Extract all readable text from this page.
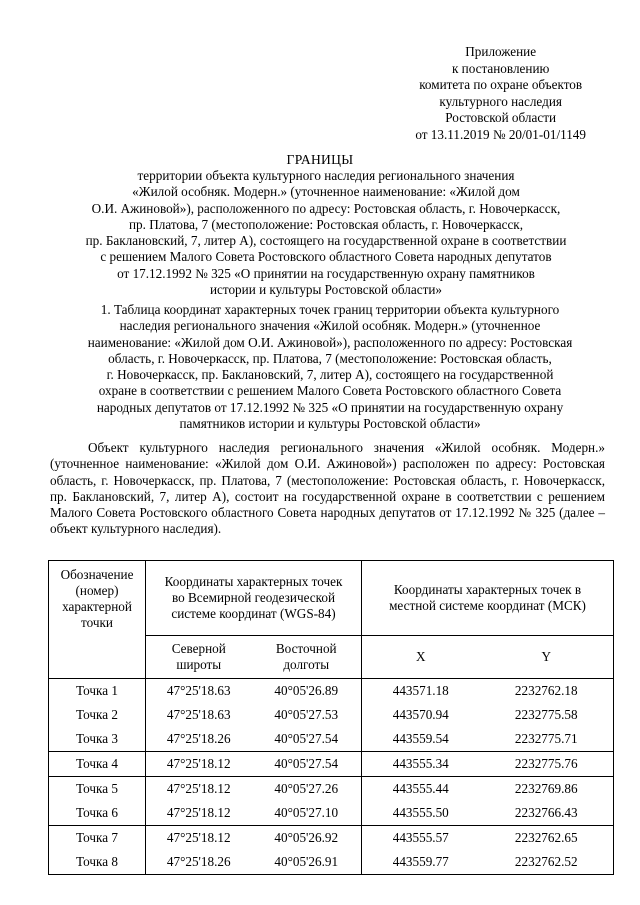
Приложение
к постановлению
комитета по охране объектов
культурного наследия
Ростовской области
от 13.11.2019 № 20/01-01/1149
ГРАНИЦЫ
территории объекта культурного наследия регионального значения
«Жилой особняк. Модерн.» (уточненное наименование: «Жилой дом
О.И. Ажиновой»), расположенного по адресу: Ростовская область, г. Новочеркасск,
пр. Платова, 7 (местоположение: Ростовская область, г. Новочеркасск,
пр. Баклановский, 7, литер А), состоящего на государственной охране в соответствии
с решением Малого Совета Ростовского областного Совета народных депутатов
от 17.12.1992 № 325 «О принятии на государственную охрану памятников
истории и культуры Ростовской области»
1. Таблица координат характерных точек границ территории объекта культурного
наследия регионального значения «Жилой особняк. Модерн.» (уточненное
наименование: «Жилой дом О.И. Ажиновой»), расположенного по адресу: Ростовская
область, г. Новочеркасск, пр. Платова, 7 (местоположение: Ростовская область,
г. Новочеркасск, пр. Баклановский, 7, литер А), состоящего на государственной
охране в соответствии с решением Малого Совета Ростовского областного Совета
народных депутатов от 17.12.1992 № 325 «О принятии на государственную охрану
памятников истории и культуры Ростовской области»
Объект культурного наследия регионального значения «Жилой особняк. Модерн.» (уточненное наименование: «Жилой дом О.И. Ажиновой») расположен по адресу: Ростовская область, г. Новочеркасск, пр. Платова, 7 (местоположение: Ростовская область, г. Новочеркасск, пр. Баклановский, 7, литер А), состоит на государственной охране в соответствии с решением Малого Совета Ростовского областного Совета народных депутатов от 17.12.1992 № 325 (далее – объект культурного наследия).
Обозначение (номер) характерной точки	Координаты характерных точек во Всемирной геодезической системе координат (WGS-84)		Координаты характерных точек в местной системе координат (МСК)	
	Северной широты	Восточной долготы	X	Y
Точка 1	47°25'18.63	40°05'26.89	443571.18	2232762.18
Точка 2	47°25'18.63	40°05'27.53	443570.94	2232775.58
Точка 3	47°25'18.26	40°05'27.54	443559.54	2232775.71
Точка 4	47°25'18.12	40°05'27.54	443555.34	2232775.76
Точка 5	47°25'18.12	40°05'27.26	443555.44	2232769.86
Точка 6	47°25'18.12	40°05'27.10	443555.50	2232766.43
Точка 7	47°25'18.12	40°05'26.92	443555.57	2232762.65
Точка 8	47°25'18.26	40°05'26.91	443559.77	2232762.52
